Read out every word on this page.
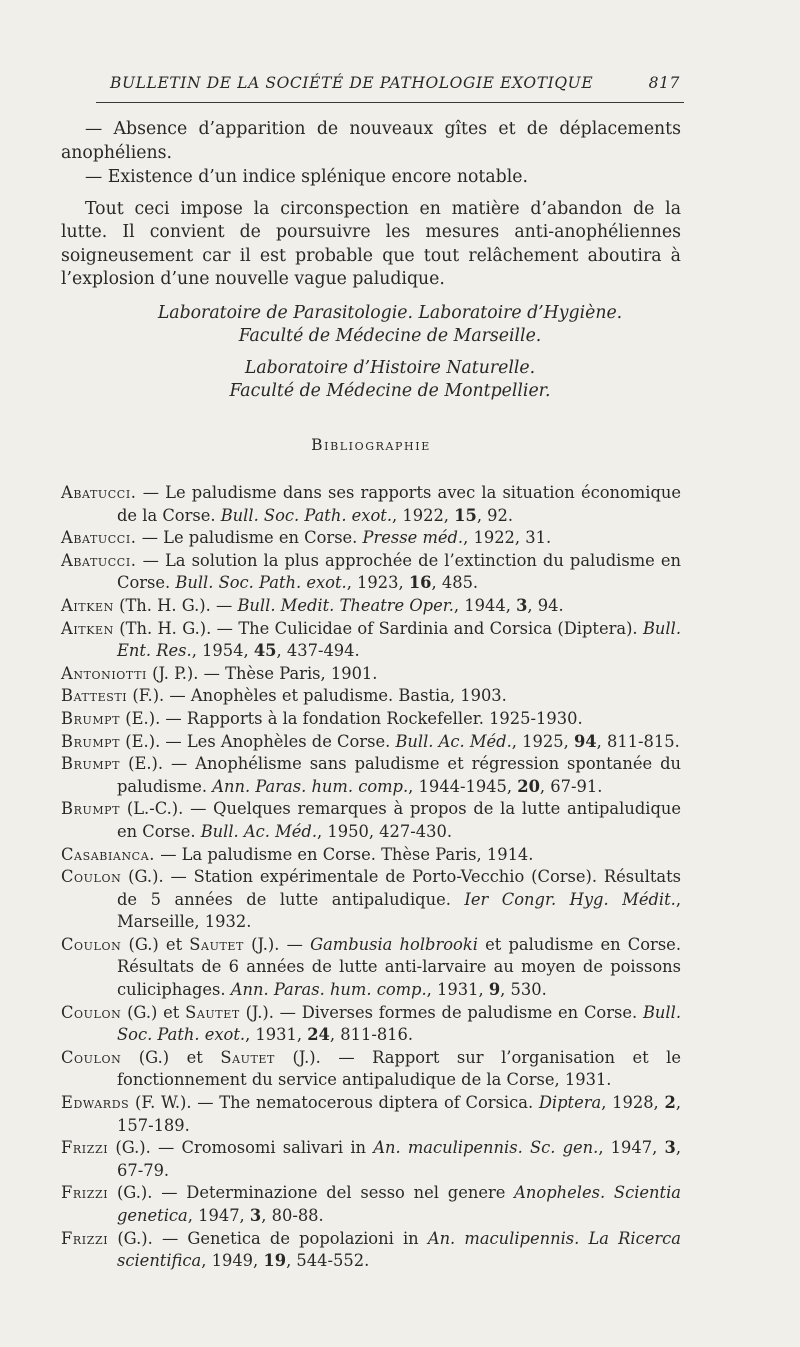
BULLETIN DE LA SOCIÉTÉ DE PATHOLOGIE EXOTIQUE	817

— Absence d’apparition de nouveaux gîtes et de déplacements anophéliens.

— Existence d’un indice splénique encore notable.

Tout ceci impose la circonspection en matière d’abandon de la lutte. Il convient de poursuivre les mesures anti-anophéliennes soigneusement car il est probable que tout relâchement aboutira à l’explosion d’une nouvelle vague paludique.

Laboratoire de Parasitologie. Laboratoire d’Hygiène.

Faculté de Médecine de Marseille.

Laboratoire d’Histoire Naturelle.

Faculté de Médecine de Montpellier.

Bibliographie

Abatucci. — Le paludisme dans ses rapports avec la situation économique de la Corse. Bull. Soc. Path. exot., 1922, 15, 92.

Abatucci. — Le paludisme en Corse. Presse méd., 1922, 31.

Abatucci. — La solution la plus approchée de l’extinction du paludisme en Corse. Bull. Soc. Path. exot., 1923, 16, 485.

Aitken (Th. H. G.). — Bull. Medit. Theatre Oper., 1944, 3, 94.

Aitken (Th. H. G.). — The Culicidae of Sardinia and Corsica (Diptera). Bull. Ent. Res., 1954, 45, 437-494.

Antoniotti (J. P.). — Thèse Paris, 1901.

Battesti (F.). — Anophèles et paludisme. Bastia, 1903.

Brumpt (E.). — Rapports à la fondation Rockefeller. 1925-1930.

Brumpt (E.). — Les Anophèles de Corse. Bull. Ac. Méd., 1925, 94, 811-815.

Brumpt (E.). — Anophélisme sans paludisme et régression spontanée du paludisme. Ann. Paras. hum. comp., 1944-1945, 20, 67-91.

Brumpt (L.-C.). — Quelques remarques à propos de la lutte antipaludique en Corse. Bull. Ac. Méd., 1950, 427-430.

Casabianca. — La paludisme en Corse. Thèse Paris, 1914.

Coulon (G.). — Station expérimentale de Porto-Vecchio (Corse). Résultats de 5 années de lutte antipaludique. Ier Congr. Hyg. Médit., Marseille, 1932.

Coulon (G.) et Sautet (J.). — Gambusia holbrooki et paludisme en Corse. Résultats de 6 années de lutte anti-larvaire au moyen de poissons culiciphages. Ann. Paras. hum. comp., 1931, 9, 530.

Coulon (G.) et Sautet (J.). — Diverses formes de paludisme en Corse. Bull. Soc. Path. exot., 1931, 24, 811-816.

Coulon (G.) et Sautet (J.). — Rapport sur l’organisation et le fonctionnement du service antipaludique de la Corse, 1931.

Edwards (F. W.). — The nematocerous diptera of Corsica. Diptera, 1928, 2, 157-189.

Frizzi (G.). — Cromosomi salivari in An. maculipennis. Sc. gen., 1947, 3, 67-79.

Frizzi (G.). — Determinazione del sesso nel genere Anopheles. Scientia genetica, 1947, 3, 80-88.

Frizzi (G.). — Genetica de popolazioni in An. maculipennis. La Ricerca scientifica, 1949, 19, 544-552.
